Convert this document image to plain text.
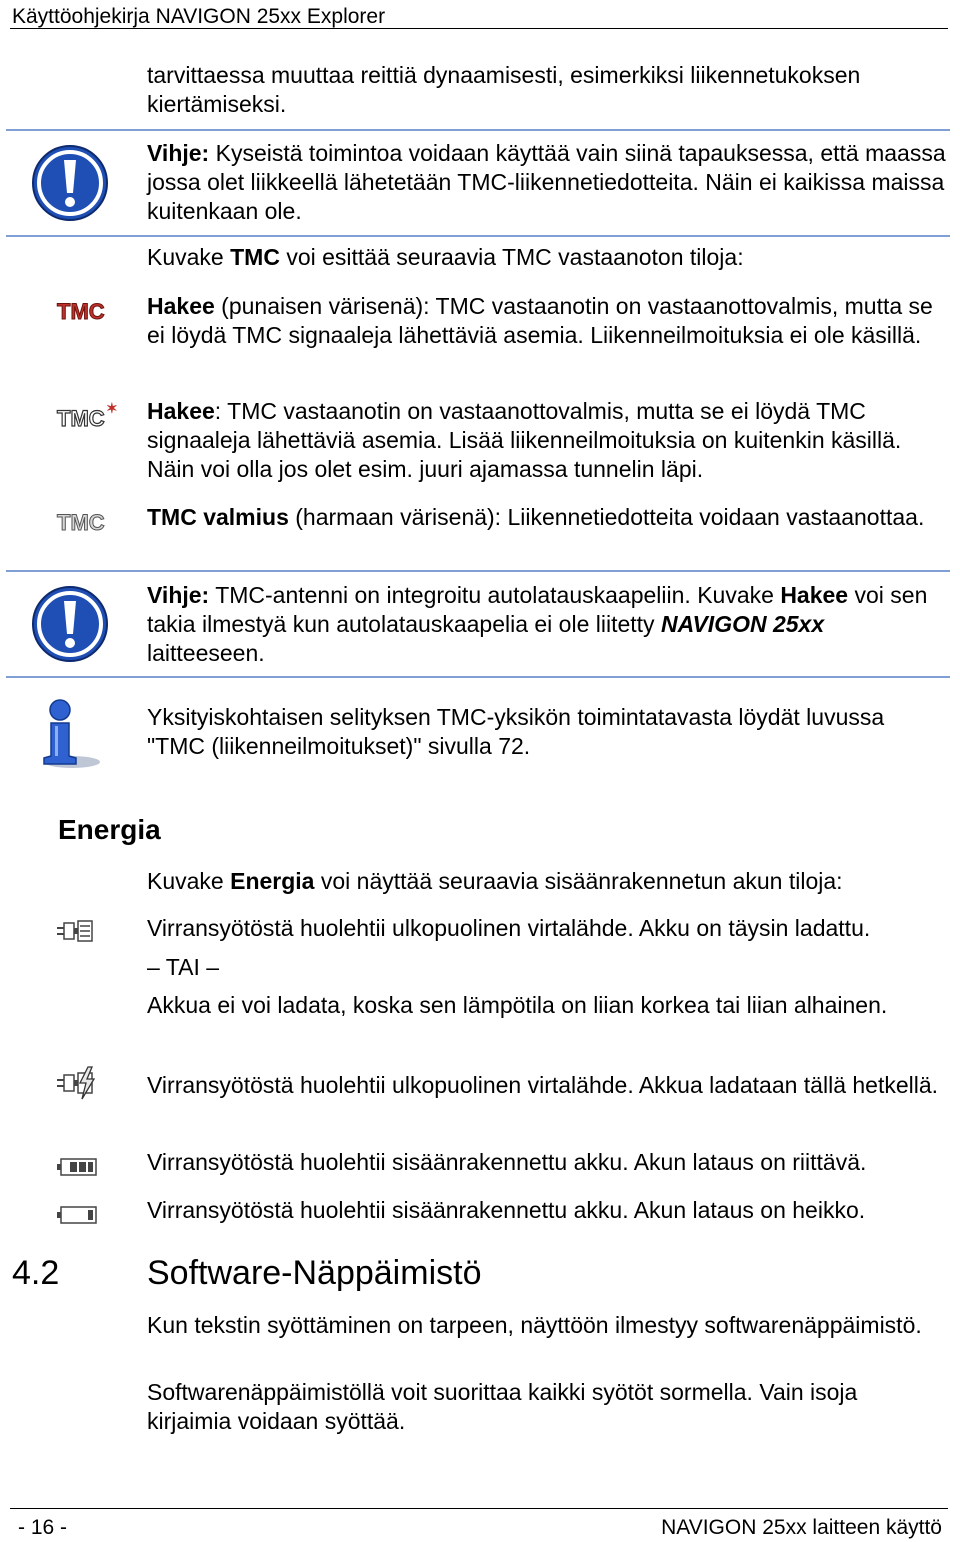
Käyttöohjekirja NAVIGON 25xx Explorer
tarvittaessa muuttaa reittiä dynaamisesti, esimerkiksi liikennetukoksen kiertämiseksi.
Vihje: Kyseistä toimintoa voidaan käyttää vain siinä tapauksessa, että maassa jossa olet liikkeellä lähetetään TMC-liikennetiedotteita. Näin ei kaikissa maissa kuitenkaan ole.
Kuvake TMC voi esittää seuraavia TMC vastaanoton tiloja:
TMC Hakee (punaisen värisenä): TMC vastaanotin on vastaanottovalmis, mutta se ei löydä TMC signaaleja lähettäviä asemia. Liikenneilmoituksia ei ole käsillä.
TMC ✶ Hakee: TMC vastaanotin on vastaanottovalmis, mutta se ei löydä TMC signaaleja lähettäviä asemia. Lisää liikenneilmoituksia on kuitenkin käsillä. Näin voi olla jos olet esim. juuri ajamassa tunnelin läpi.
TMC TMC valmius (harmaan värisenä): Liikennetiedotteita voidaan vastaanottaa.
Vihje: TMC-antenni on integroitu autolatauskaapeliin. Kuvake Hakee voi sen takia ilmestyä kun autolatauskaapelia ei ole liitetty NAVIGON 25xx laitteeseen.
Yksityiskohtaisen selityksen TMC-yksikön toimintatavasta löydät luvussa "TMC (liikenneilmoitukset)" sivulla 72.
Energia
Kuvake Energia voi näyttää seuraavia sisäänrakennetun akun tiloja:
Virransyötöstä huolehtii ulkopuolinen virtalähde. Akku on täysin ladattu.
– TAI –
Akkua ei voi ladata, koska sen lämpötila on liian korkea tai liian alhainen.
Virransyötöstä huolehtii ulkopuolinen virtalähde. Akkua ladataan tällä hetkellä.
Virransyötöstä huolehtii sisäänrakennettu akku. Akun lataus on riittävä.
Virransyötöstä huolehtii sisäänrakennettu akku. Akun lataus on heikko.
4.2	Software-Näppäimistö
Kun tekstin syöttäminen on tarpeen, näyttöön ilmestyy softwarenäppäimistö.
Softwarenäppäimistöllä voit suorittaa kaikki syötöt sormella. Vain isoja kirjaimia voidaan syöttää.
- 16 -	NAVIGON 25xx laitteen käyttö
